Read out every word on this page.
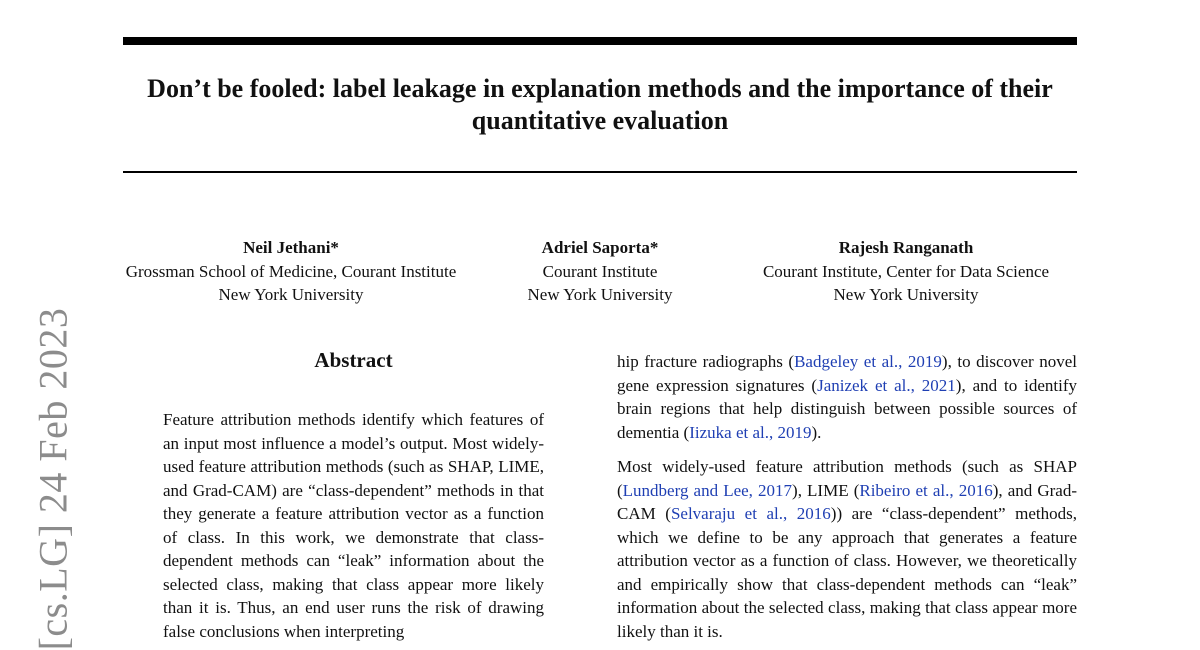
Don’t be fooled: label leakage in explanation methods and the importance of their quantitative evaluation
Neil Jethani*
Grossman School of Medicine, Courant Institute
New York University
Adriel Saporta*
Courant Institute
New York University
Rajesh Ranganath
Courant Institute, Center for Data Science
New York University
[cs.LG] 24 Feb 2023	Abstract

Feature attribution methods identify which features of an input most influence a model’s output. Most widely-used feature attribution methods (such as SHAP, LIME, and Grad-CAM) are “class-dependent” methods in that they generate a feature attribution vector as a function of class. In this work, we demonstrate that class-dependent methods can “leak” information about the selected class, making that class appear more likely than it is. Thus, an end user runs the risk of drawing false conclusions when interpreting

hip fracture radiographs (Badgeley et al., 2019), to discover novel gene expression signatures (Janizek et al., 2021), and to identify brain regions that help distinguish between possible sources of dementia (Iizuka et al., 2019).

Most widely-used feature attribution methods (such as SHAP (Lundberg and Lee, 2017), LIME (Ribeiro et al., 2016), and Grad-CAM (Selvaraju et al., 2016)) are “class-dependent” methods, which we define to be any approach that generates a feature attribution vector as a function of class. However, we theoretically and empirically show that class-dependent methods can “leak” information about the selected class, making that class appear more likely than it is.
